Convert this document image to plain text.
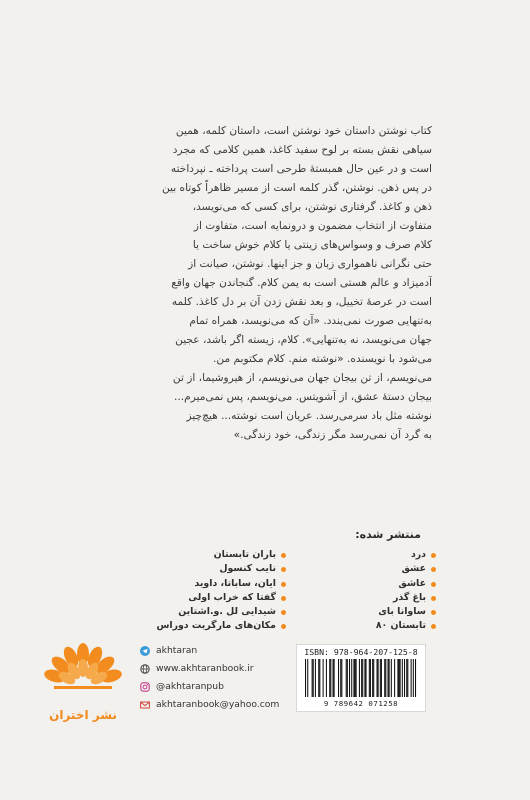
کتاب نوشتن داستان خود نوشتن است، داستان کلمه، همین
سیاهی نقش بسته بر لوح سفید کاغذ، همین کلامی که مجرد
است و در عین حال همبستهٔ طرحی است پرداخته ـ نپرداخته
در پس ذهن. نوشتن، گذر کلمه است از مسیر ظاهراً کوتاه بین
ذهن و کاغذ. گرفتاری نوشتن، برای کسی که می‌نویسد،
متفاوت از انتخاب مضمون و درونمایه است، متفاوت از
کلام صرف و وسواس‌های زینتی یا کلام خوش ساخت یا
حتی نگرانی ناهمواری زبان و جز اینها. نوشتن، صیانت از
آدمیزاد و عالم هستی است به یمن کلام. گنجاندن جهان واقع
است در عرصهٔ تخییل، و بعد نقش زدن آن بر دل کاغذ. کلمه
به‌تنهایی صورت نمی‌بندد. «آن که می‌نویسد، همراه تمام
جهان می‌نویسد، نه به‌تنهایی». کلام، زیسته اگر باشد، عجین
می‌شود با نویسنده. «نوشته منم. کلام مکتوبم من.
می‌نویسم، از تن بیجان جهان می‌نویسم، از هیروشیما، از تن
بیجان دستهٔ عشق، از آشویتس. می‌نویسم، پس نمی‌میرم...
نوشته مثل باد سرمی‌رسد. عریان است نوشته... هیچ‌چیز
به گرد آن نمی‌رسد مگر زندگی، خود زندگی.»
منتشر شده:
درد
عشق
عاشق
باغ گذر
ساوانا بای
تابستان ۸۰
باران تابستان
نایب کنسول
ایان، ساباتا، داوید
گفتا که خراب اولی
شیدایی لل .و.اشتاین
مکان‌های مارگریت دوراس
نشر اختران
akhtaran
www.akhtaranbook.ir
@akhtaranpub
akhtaranbook@yahoo.com
ISBN: 978-964-207-125-8
9 789642 071258
